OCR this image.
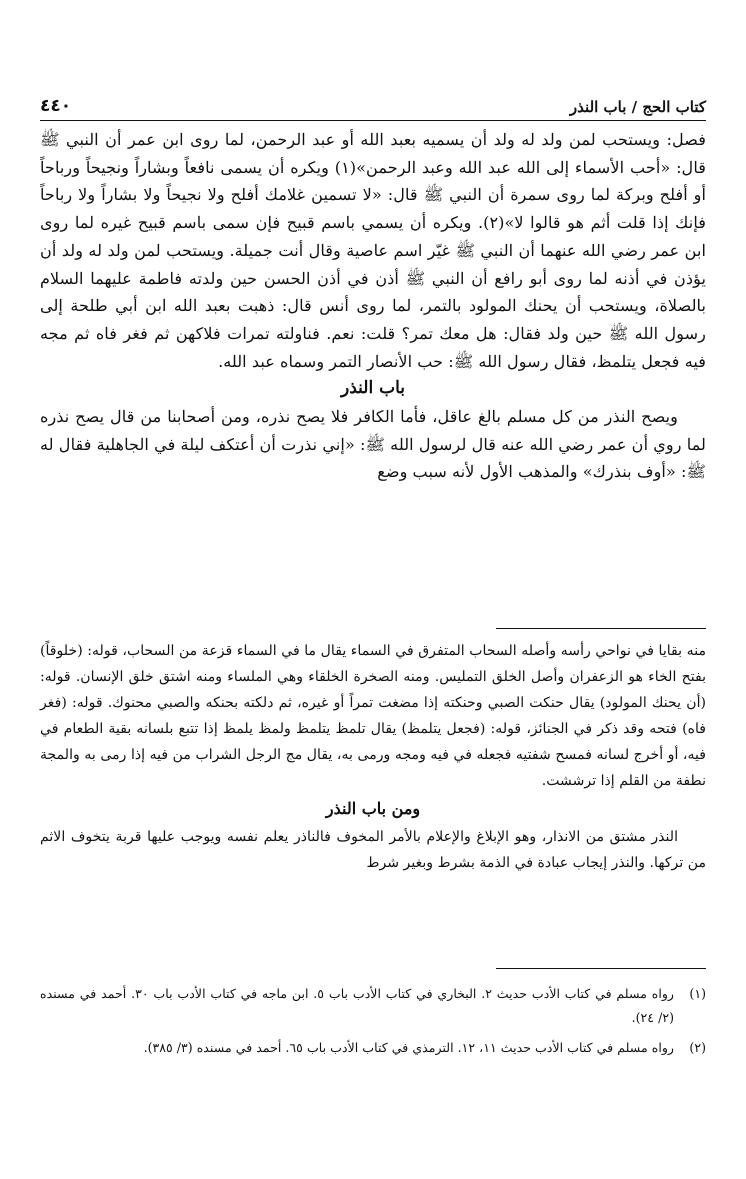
٤٤٠	كتاب الحج / باب النذر

فصل: ويستحب لمن ولد له ولد أن يسميه بعبد الله أو عبد الرحمن، لما روى ابن عمر أن النبي ﷺ قال: «أحب الأسماء إلى الله عبد الله وعبد الرحمن»(١) ويكره أن يسمى نافعاً وبشاراً ونجيحاً ورباحاً أو أفلح وبركة لما روى سمرة أن النبي ﷺ قال: «لا تسمين غلامك أفلح ولا نجيحاً ولا بشاراً ولا رباحاً فإنك إذا قلت أثم هو قالوا لا»(٢). ويكره أن يسمي باسم قبيح فإن سمى باسم قبيح غيره لما روى ابن عمر رضي الله عنهما أن النبي ﷺ غيّر اسم عاصية وقال أنت جميلة. ويستحب لمن ولد له ولد أن يؤذن في أذنه لما روى أبو رافع أن النبي ﷺ أذن في أذن الحسن حين ولدته فاطمة عليهما السلام بالصلاة، ويستحب أن يحنك المولود بالتمر، لما روى أنس قال: ذهبت بعبد الله ابن أبي طلحة إلى رسول الله ﷺ حين ولد فقال: هل معك تمر؟ قلت: نعم. فناولته تمرات فلاكهن ثم فغر فاه ثم مجه فيه فجعل يتلمظ، فقال رسول الله ﷺ: حب الأنصار التمر وسماه عبد الله.

باب النذر

ويصح النذر من كل مسلم بالغ عاقل، فأما الكافر فلا يصح نذره، ومن أصحابنا من قال يصح نذره لما روي أن عمر رضي الله عنه قال لرسول الله ﷺ: «إني نذرت أن أعتكف ليلة في الجاهلية فقال له ﷺ: «أوف بنذرك» والمذهب الأول لأنه سبب وضع

منه بقايا في نواحي رأسه وأصله السحاب المتفرق في السماء يقال ما في السماء قزعة من السحاب، قوله: (خلوقاً) بفتح الخاء هو الزعفران وأصل الخلق التمليس. ومنه الصخرة الخلقاء وهي الملساء ومنه اشتق خلق الإنسان. قوله: (أن يحنك المولود) يقال حنكت الصبي وحنكته إذا مضغت تمراً أو غيره، ثم دلكته بحنكه والصبي محنوك. قوله: (فغر فاه) فتحه وقد ذكر في الجنائز، قوله: (فجعل يتلمظ) يقال تلمظ يتلمظ ولمظ يلمظ إذا تتبع بلسانه بقية الطعام في فيه، أو أخرج لسانه فمسح شفتيه فجعله في فيه ومجه ورمى به، يقال مج الرجل الشراب من فيه إذا رمى به والمجة نطفة من القلم إذا ترششت.

ومن باب النذر

النذر مشتق من الانذار، وهو الإبلاغ والإعلام بالأمر المخوف فالناذر يعلم نفسه ويوجب عليها قربة يتخوف الاثم من تركها. والنذر إيجاب عبادة في الذمة بشرط وبغير شرط

(١)
رواه مسلم في كتاب الأدب حديث ٢. البخاري في كتاب الأدب باب ٥. ابن ماجه في كتاب الأدب باب ٣٠. أحمد في مسنده (٢/ ٢٤).
(٢)
رواه مسلم في كتاب الأدب حديث ١١، ١٢. الترمذي في كتاب الأدب باب ٦٥. أحمد في مسنده (٣/ ٣٨٥).
